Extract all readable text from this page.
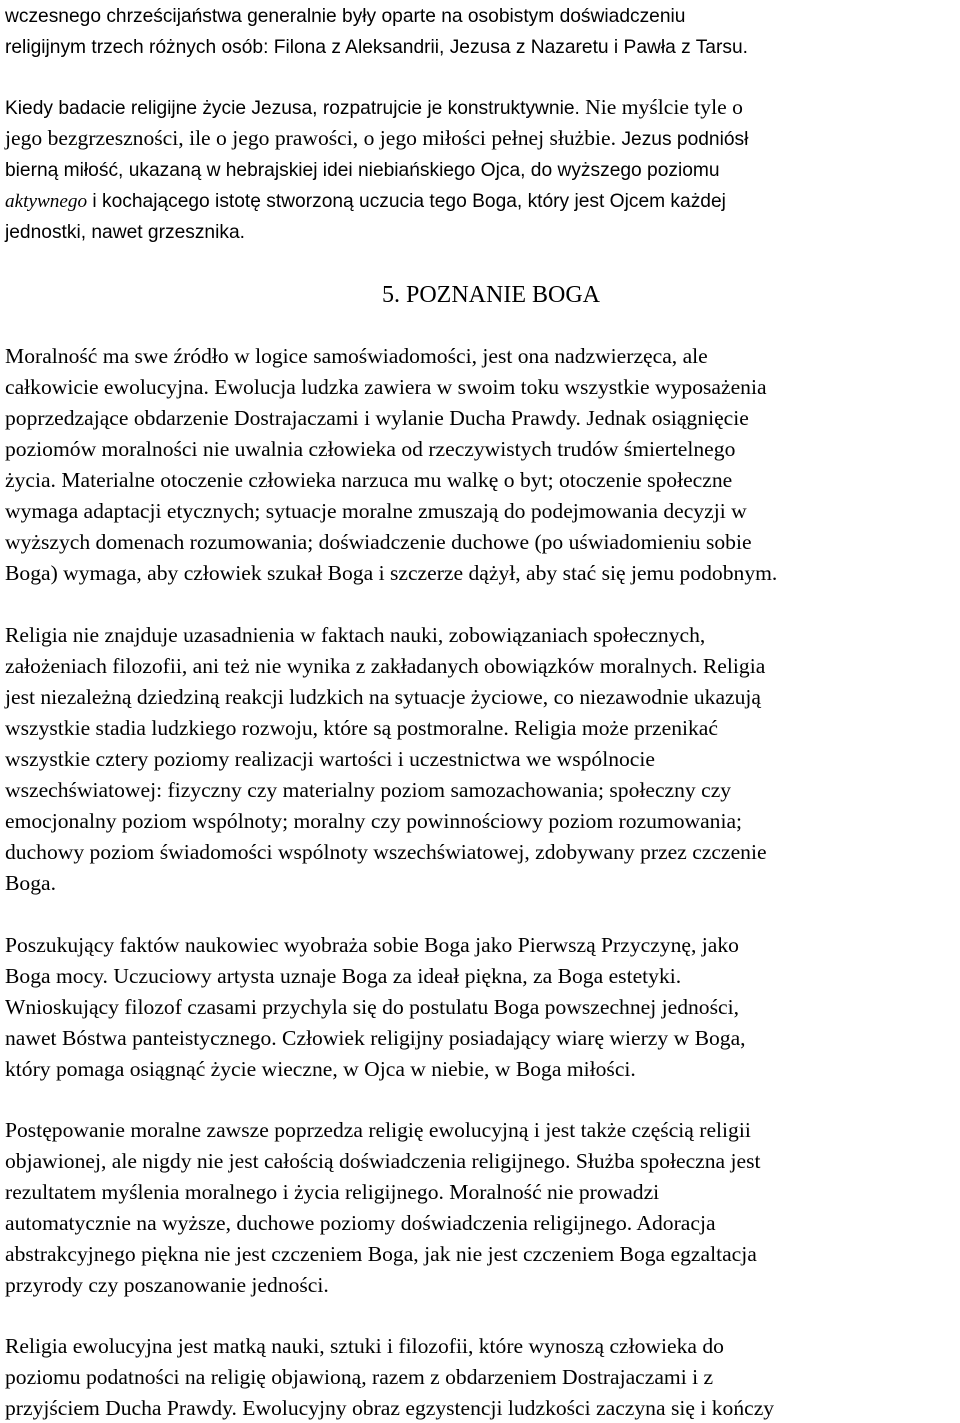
wczesnego chrześcijaństwa generalnie były oparte na osobistym doświadczeniu
religijnym trzech różnych osób: Filona z Aleksandrii, Jezusa z Nazaretu i Pawła z Tarsu.
Kiedy badacie religijne życie Jezusa, rozpatrujcie je konstruktywnie. Nie myślcie tyle o
jego bezgrzeszności, ile o jego prawości, o jego miłości pełnej służbie. Jezus podniósł
bierną miłość, ukazaną w hebrajskiej idei niebiańskiego Ojca, do wyższego poziomu
aktywnego i kochającego istotę stworzoną uczucia tego Boga, który jest Ojcem każdej
jednostki, nawet grzesznika.
5. POZNANIE BOGA
Moralność ma swe źródło w logice samoświadomości, jest ona nadzwierzęca, ale
całkowicie ewolucyjna. Ewolucja ludzka zawiera w swoim toku wszystkie wyposażenia
poprzedzające obdarzenie Dostrajaczami i wylanie Ducha Prawdy. Jednak osiągnięcie
poziomów moralności nie uwalnia człowieka od rzeczywistych trudów śmiertelnego
życia. Materialne otoczenie człowieka narzuca mu walkę o byt; otoczenie społeczne
wymaga adaptacji etycznych; sytuacje moralne zmuszają do podejmowania decyzji w
wyższych domenach rozumowania; doświadczenie duchowe (po uświadomieniu sobie
Boga) wymaga, aby człowiek szukał Boga i szczerze dążył, aby stać się jemu podobnym.
Religia nie znajduje uzasadnienia w faktach nauki, zobowiązaniach społecznych,
założeniach filozofii, ani też nie wynika z zakładanych obowiązków moralnych. Religia
jest niezależną dziedziną reakcji ludzkich na sytuacje życiowe, co niezawodnie ukazują
wszystkie stadia ludzkiego rozwoju, które są postmoralne. Religia może przenikać
wszystkie cztery poziomy realizacji wartości i uczestnictwa we wspólnocie
wszechświatowej: fizyczny czy materialny poziom samozachowania; społeczny czy
emocjonalny poziom wspólnoty; moralny czy powinnościowy poziom rozumowania;
duchowy poziom świadomości wspólnoty wszechświatowej, zdobywany przez czczenie
Boga.
Poszukujący faktów naukowiec wyobraża sobie Boga jako Pierwszą Przyczynę, jako
Boga mocy. Uczuciowy artysta uznaje Boga za ideał piękna, za Boga estetyki.
Wnioskujący filozof czasami przychyla się do postulatu Boga powszechnej jedności,
nawet Bóstwa panteistycznego. Człowiek religijny posiadający wiarę wierzy w Boga,
który pomaga osiągnąć życie wieczne, w Ojca w niebie, w Boga miłości.
Postępowanie moralne zawsze poprzedza religię ewolucyjną i jest także częścią religii
objawionej, ale nigdy nie jest całością doświadczenia religijnego. Służba społeczna jest
rezultatem myślenia moralnego i życia religijnego. Moralność nie prowadzi
automatycznie na wyższe, duchowe poziomy doświadczenia religijnego. Adoracja
abstrakcyjnego piękna nie jest czczeniem Boga, jak nie jest czczeniem Boga egzaltacja
przyrody czy poszanowanie jedności.
Religia ewolucyjna jest matką nauki, sztuki i filozofii, które wynoszą człowieka do
poziomu podatności na religię objawioną, razem z obdarzeniem Dostrajaczami i z
przyjściem Ducha Prawdy. Ewolucyjny obraz egzystencji ludzkości zaczyna się i kończy
